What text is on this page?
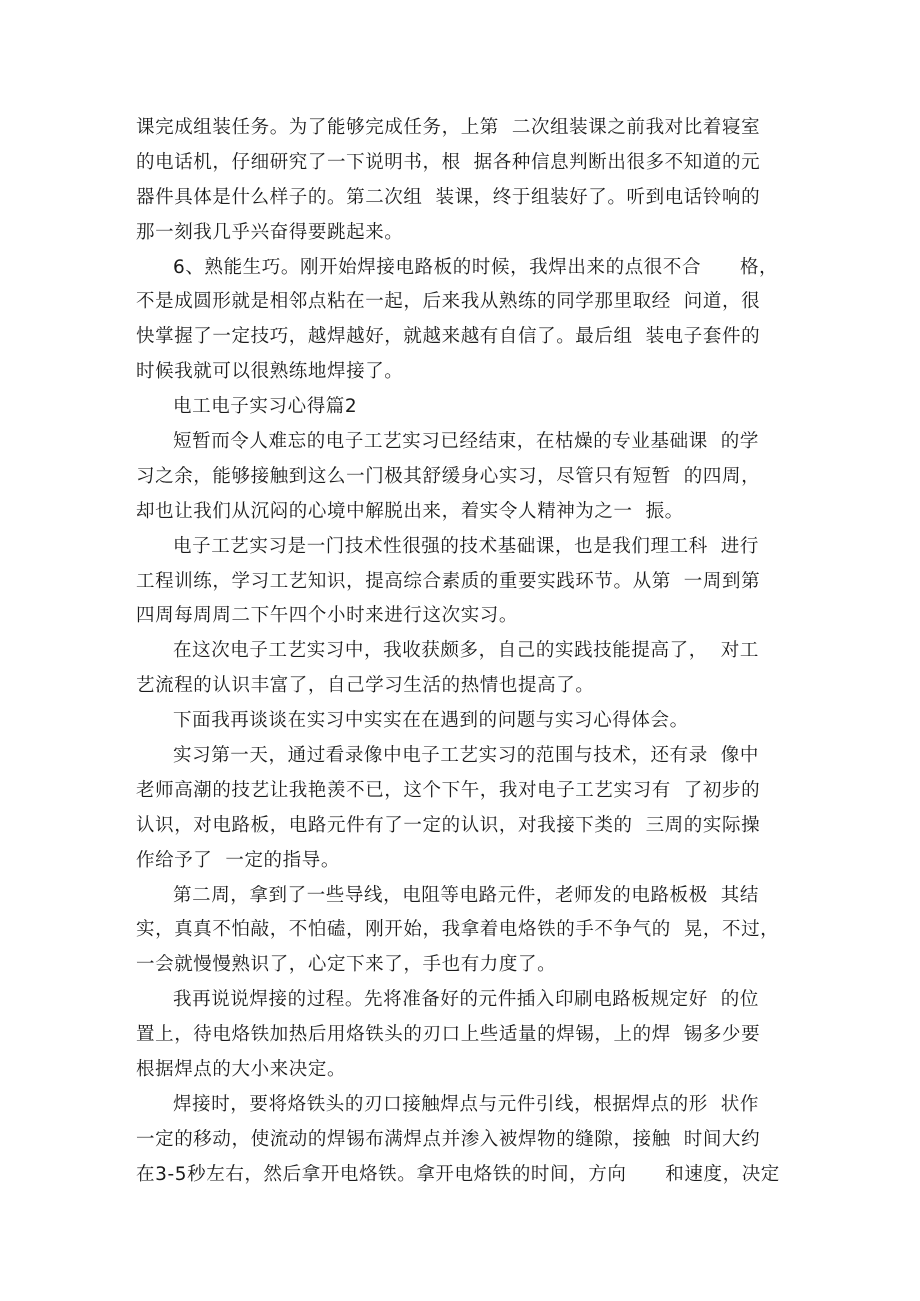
课完成组装任务。为了能够完成任务，上第  二次组装课之前我对比着寝室
的电话机，仔细研究了一下说明书，根  据各种信息判断出很多不知道的元
器件具体是什么样子的。第二次组  装课，终于组装好了。听到电话铃响的
那一刻我几乎兴奋得要跳起来。
6、熟能生巧。刚开始焊接电路板的时候，我焊出来的点很不合      格，
不是成圆形就是相邻点粘在一起，后来我从熟练的同学那里取经  问道，很
快掌握了一定技巧，越焊越好，就越来越有自信了。最后组  装电子套件的
时候我就可以很熟练地焊接了。
电工电子实习心得篇2
短暂而令人难忘的电子工艺实习已经结束，在枯燥的专业基础课  的学
习之余，能够接触到这么一门极其舒缓身心实习，尽管只有短暂  的四周，
却也让我们从沉闷的心境中解脱出来，着实令人精神为之一  振。
电子工艺实习是一门技术性很强的技术基础课，也是我们理工科  进行
工程训练，学习工艺知识，提高综合素质的重要实践环节。从第  一周到第
四周每周周二下午四个小时来进行这次实习。
在这次电子工艺实习中，我收获颇多，自己的实践技能提高了，  对工
艺流程的认识丰富了，自己学习生活的热情也提高了。
下面我再谈谈在实习中实实在在遇到的问题与实习心得体会。
实习第一天，通过看录像中电子工艺实习的范围与技术，还有录  像中
老师高潮的技艺让我艳羡不已，这个下午，我对电子工艺实习有  了初步的
认识，对电路板，电路元件有了一定的认识，对我接下类的  三周的实际操
作给予了  一定的指导。
第二周，拿到了一些导线，电阻等电路元件，老师发的电路板极  其结
实，真真不怕敲，不怕磕，刚开始，我拿着电烙铁的手不争气的  晃，不过，
一会就慢慢熟识了，心定下来了，手也有力度了。
我再说说焊接的过程。先将准备好的元件插入印刷电路板规定好  的位
置上，待电烙铁加热后用烙铁头的刃口上些适量的焊锡，上的焊  锡多少要
根据焊点的大小来决定。
焊接时，要将烙铁头的刃口接触焊点与元件引线，根据焊点的形  状作
一定的移动，使流动的焊锡布满焊点并渗入被焊物的缝隙，接触  时间大约
在3-5秒左右，然后拿开电烙铁。拿开电烙铁的时间，方向      和速度，决定
